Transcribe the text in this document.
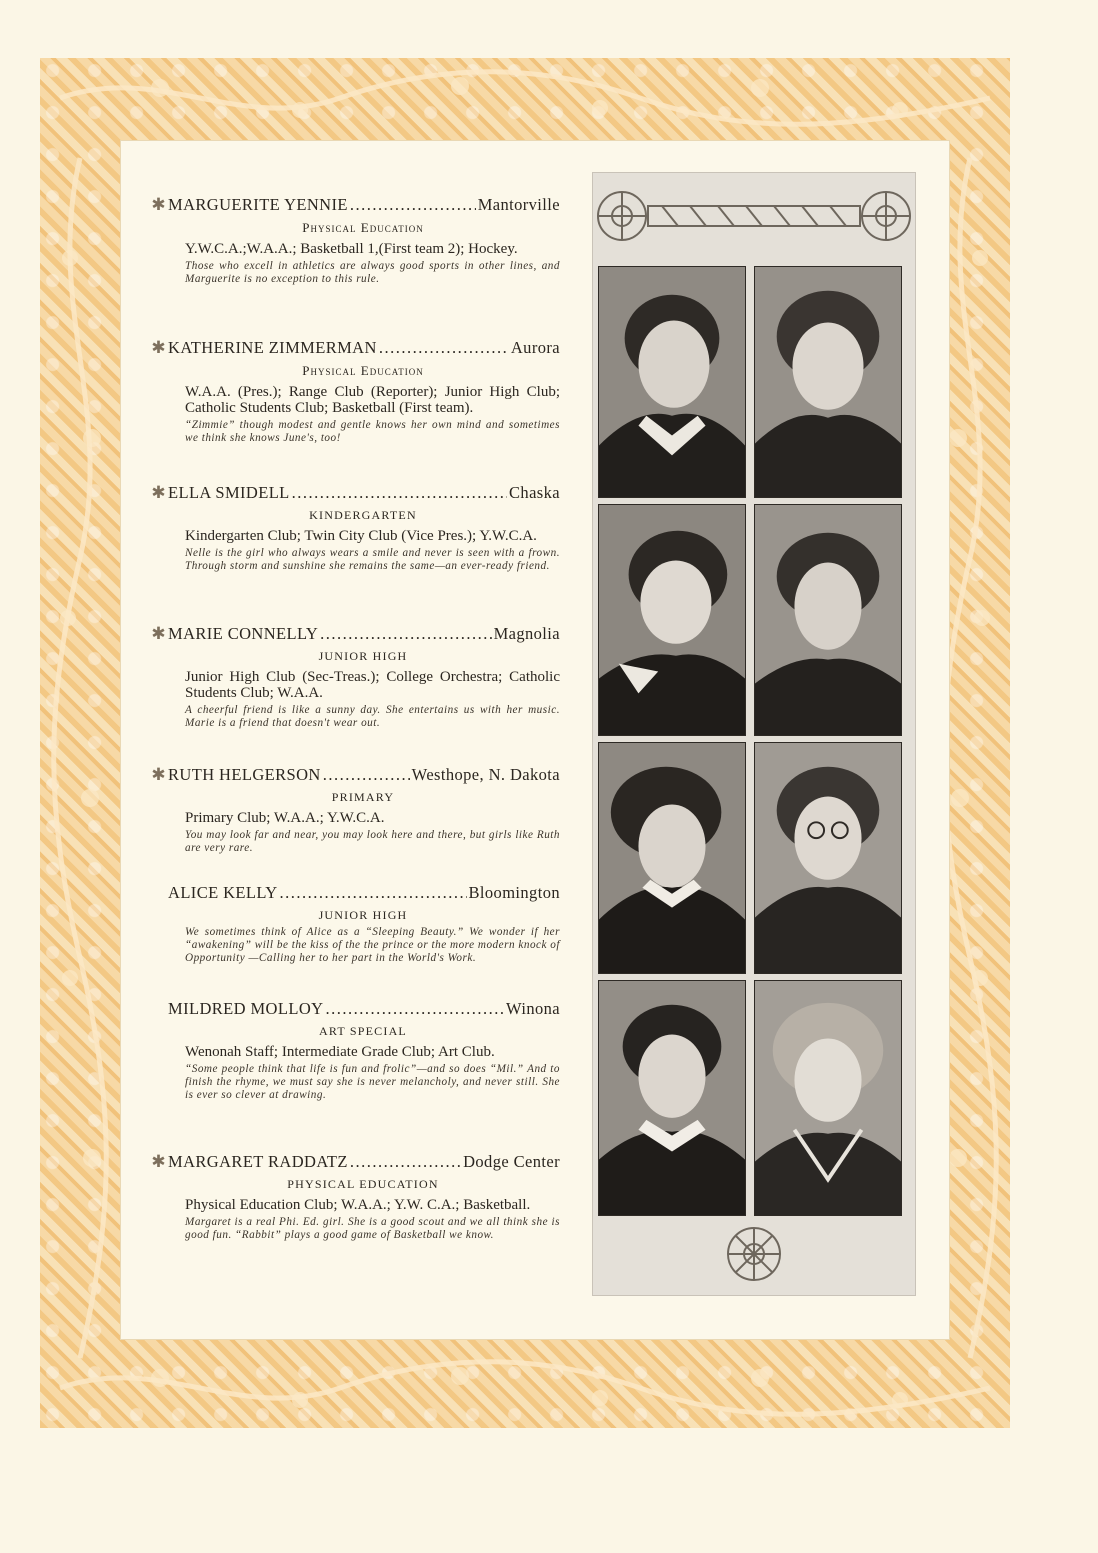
✱ MARGUERITE YENNIE .....	Mantorville
Physical Education
Y.W.C.A.;W.A.A.; Basketball 1,(First team 2); Hockey.
Those who excell in athletics are always good sports in other lines, and Marguerite is no exception to this rule.
✱ KATHERINE ZIMMERMAN .....	Aurora
Physical Education
W.A.A. (Pres.); Range Club (Reporter); Junior High Club; Catholic Students Club; Basketball (First team).
“Zimmie” though modest and gentle knows her own mind and sometimes we think she knows June's, too!
✱ ELLA SMIDELL .....	Chaska
KINDERGARTEN
Kindergarten Club; Twin City Club (Vice Pres.); Y.W.C.A.
Nelle is the girl who always wears a smile and never is seen with a frown. Through storm and sunshine she remains the same—an ever-ready friend.
✱ MARIE CONNELLY .....	Magnolia
JUNIOR HIGH
Junior High Club (Sec-Treas.); College Orchestra; Catholic Students Club; W.A.A.
A cheerful friend is like a sunny day. She entertains us with her music. Marie is a friend that doesn't wear out.
✱ RUTH HELGERSON .....	Westhope, N. Dakota
PRIMARY
Primary Club; W.A.A.; Y.W.C.A.
You may look far and near, you may look here and there, but girls like Ruth are very rare.
ALICE KELLY .....	Bloomington
JUNIOR HIGH
We sometimes think of Alice as a “Sleeping Beauty.” We wonder if her “awakening” will be the kiss of the the prince or the more modern knock of Opportunity —Calling her to her part in the World's Work.
MILDRED MOLLOY .....	Winona
ART SPECIAL
Wenonah Staff; Intermediate Grade Club; Art Club.
“Some people think that life is fun and frolic”—and so does “Mil.” And to finish the rhyme, we must say she is never melancholy, and never still. She is ever so clever at drawing.
✱ MARGARET RADDATZ .....	Dodge Center
PHYSICAL EDUCATION
Physical Education Club; W.A.A.; Y.W. C.A.; Basketball.
Margaret is a real Phi. Ed. girl. She is a good scout and we all think she is good fun. “Rabbit” plays a good game of Basketball we know.
